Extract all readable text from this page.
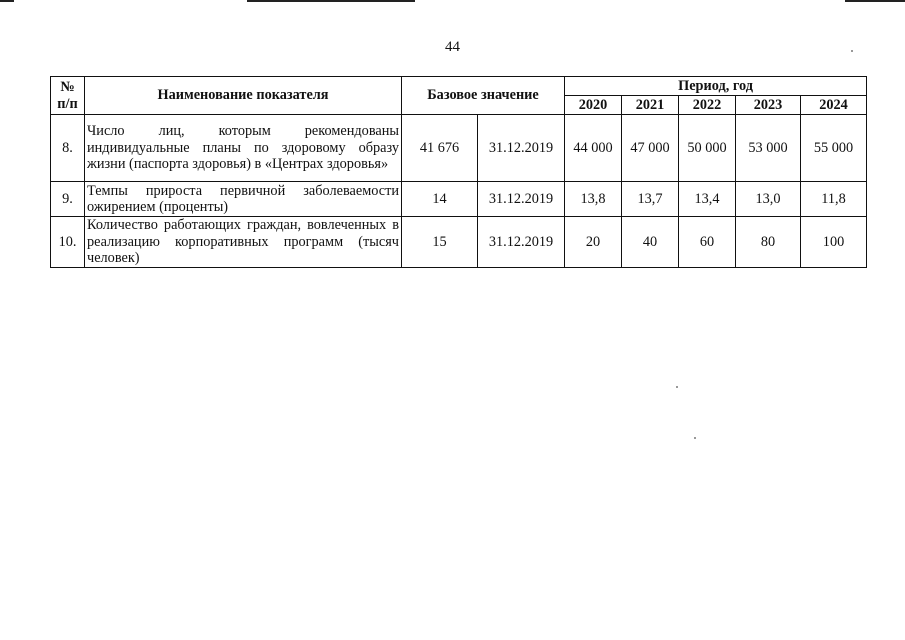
44
№ п/п	Наименование показателя	Базовое значение		Период, год				
				2020	2021	2022	2023	2024
8.	Число лиц, которым рекомендованы индивидуальные планы по здоровому образу жизни (паспорта здоровья) в «Центрах здоровья»	41 676	31.12.2019	44 000	47 000	50 000	53 000	55 000
9.	Темпы прироста первичной заболеваемости ожирением (проценты)	14	31.12.2019	13,8	13,7	13,4	13,0	11,8
10.	Количество работающих граждан, вовлеченных в реализацию корпоративных программ (тысяч человек)	15	31.12.2019	20	40	60	80	100
